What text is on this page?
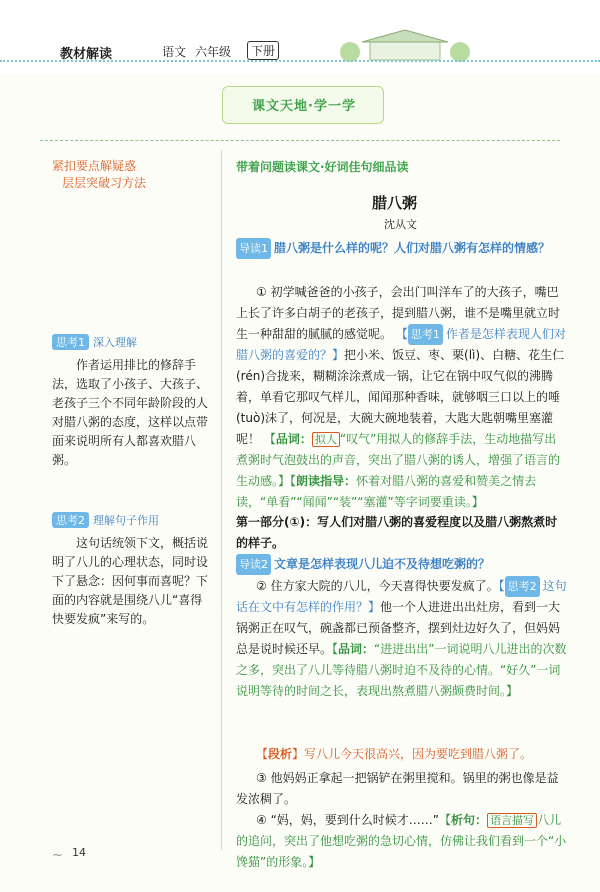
教材解读	语文 六年级	下册
课文天地·学一学
紧扣要点解疑惑
层层突破习方法
带着问题读课文·好词佳句细品读
腊八粥
沈从文
导读1 腊八粥是什么样的呢？人们对腊八粥有怎样的情感？
① 初学喊爸爸的小孩子，会出门叫洋车了的大孩子，嘴巴上长了许多白胡子的老孩子，提到腊八粥，谁不是嘴里就立时生一种甜甜的腻腻的感觉呢。 【 思考1 作者是怎样表现人们对腊八粥的喜爱的？】把小米、饭豆、枣、栗(lì)、白糖、花生仁(rén)合拢来，糊糊涂涂煮成一锅，让它在锅中叹气似的沸腾着，单看它那叹气样儿，闻闻那种香味，就够咽三口以上的唾(tuò)沫了，何况是，大碗大碗地装着，大匙大匙朝嘴里塞灌呢！ 【品词： 拟人 “叹气”用拟人的修辞手法，生动地描写出煮粥时气泡鼓出的声音，突出了腊八粥的诱人，增强了语言的生动感。】【朗读指导：怀着对腊八粥的喜爱和赞美之情去读，“单看”“闻闻”“装”“塞灌”等字词要重读。】
第一部分(①)：写人们对腊八粥的喜爱程度以及腊八粥熬煮时的样子。
导读2 文章是怎样表现八儿迫不及待想吃粥的？
② 住方家大院的八儿，今天喜得快要发疯了。【 思考2 这句话在文中有怎样的作用？】他一个人进进出出灶房，看到一大锅粥正在叹气，碗盏都已预备整齐，摆到灶边好久了，但妈妈总是说时候还早。【品词：“进进出出”一词说明八儿进出的次数之多，突出了八儿等待腊八粥时迫不及待的心情。“好久”一词说明等待的时间之长，表现出熬煮腊八粥颇费时间。】
【段析】写八儿今天很高兴，因为要吃到腊八粥了。
③ 他妈妈正拿起一把锅铲在粥里搅和。锅里的粥也像是益发浓稠了。
④ “妈，妈，要到什么时候才……”【析句： 语言描写 八儿的追问，突出了他想吃粥的急切心情，仿佛让我们看到一个“小馋猫”的形象。】
思考1 深入理解
作者运用排比的修辞手法，选取了小孩子、大孩子、老孩子三个不同年龄阶段的人对腊八粥的态度，这样以点带面来说明所有人都喜欢腊八粥。
思考2 理解句子作用
这句话统领下文，概括说明了八儿的心理状态，同时设下了悬念：因何事而喜呢？下面的内容就是围绕八儿“喜得快要发疯”来写的。
~ 14
